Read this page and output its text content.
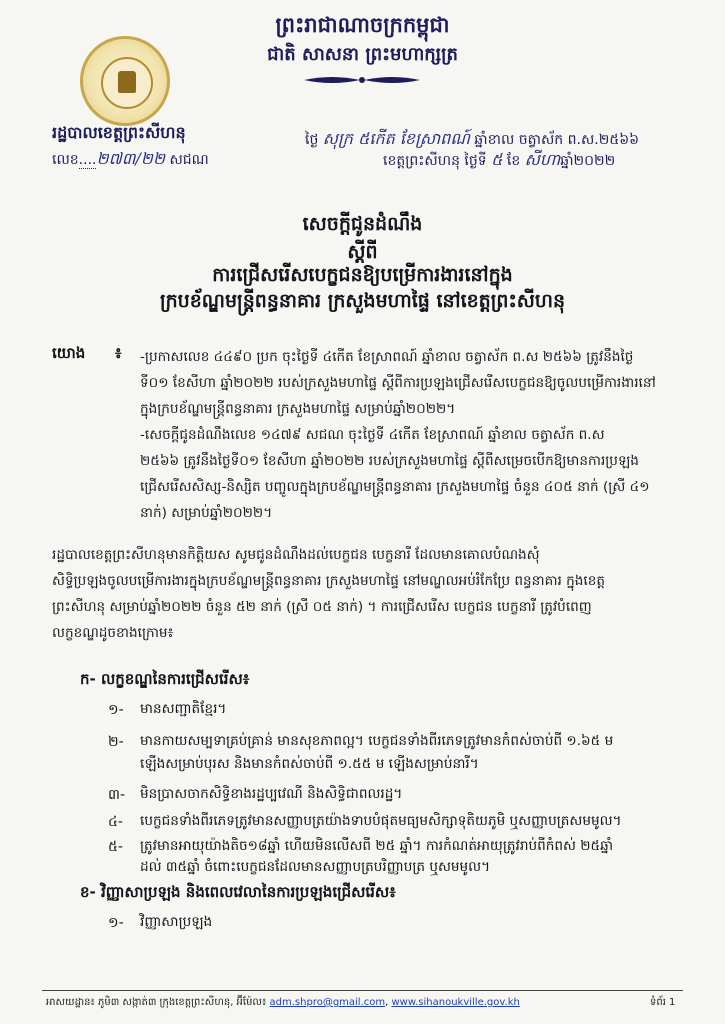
ព្រះរាជាណាចក្រកម្ពុជា
ជាតិ សាសនា ព្រះមហាក្សត្រ
រដ្ឋបាលខេត្តព្រះសីហនុ
លេខ....២៧៣/២២ សជណ
ថ្ងៃ សុក្រ ៥កើត ខែស្រាពណ៍ ឆ្នាំខាល ចត្វាស័ក ព.ស.២៥៦៦
ខេត្តព្រះសីហនុ ថ្ងៃទី ៥ ខែ សីហាឆ្នាំ២០២២
សេចក្តីជូនដំណឹង
ស្តីពី
ការជ្រើសរើសបេក្ខជនឱ្យបម្រើការងារនៅក្នុង
ក្របខ័ណ្ឌមន្ត្រីពន្ធនាគារ ក្រសួងមហាផ្ទៃ នៅខេត្តព្រះសីហនុ
យោង ៖ -ប្រកាសលេខ ៤៤៩០ ប្រក ចុះថ្ងៃទី ៤កើត ខែស្រាពណ៍ ឆ្នាំខាល ចត្វាស័ក ព.ស ២៥៦៦ ត្រូវនឹងថ្ងៃ
ទី០១ ខែសីហា ឆ្នាំ២០២២ របស់ក្រសួងមហាផ្ទៃ ស្តីពីការប្រឡងជ្រើសរើសបេក្ខជនឱ្យចូលបម្រើការងារនៅ
ក្នុងក្របខ័ណ្ឌមន្ត្រីពន្ធនាគារ ក្រសួងមហាផ្ទៃ សម្រាប់ឆ្នាំ២០២២។
-សេចក្តីជូនដំណឹងលេខ ១៤៧៩ សជណ ចុះថ្ងៃទី ៤កើត ខែស្រាពណ៍ ឆ្នាំខាល ចត្វាស័ក ព.ស
២៥៦៦ ត្រូវនឹងថ្ងៃទី០១ ខែសីហា ឆ្នាំ២០២២ របស់ក្រសួងមហាផ្ទៃ ស្តីពីសម្រេចបើកឱ្យមានការប្រឡង
ជ្រើសរើសសិស្ស-និស្សិត បញ្ចូលក្នុងក្របខ័ណ្ឌមន្ត្រីពន្ធនាគារ ក្រសួងមហាផ្ទៃ ចំនួន ៤០៥ នាក់ (ស្រី ៤១
នាក់) សម្រាប់ឆ្នាំ២០២២។
រដ្ឋបាលខេត្តព្រះសីហនុមានកិត្តិយស សូមជូនដំណឹងដល់បេក្ខជន បេក្ខនារី ដែលមានគោលបំណងសុំ
សិទ្ធិប្រឡងចូលបម្រើការងារក្នុងក្របខ័ណ្ឌមន្ត្រីពន្ធនាគារ ក្រសួងមហាផ្ទៃ នៅមណ្ឌលអប់រំកែប្រែ ពន្ធនាគារ ក្នុងខេត្ត
ព្រះសីហនុ សម្រាប់ឆ្នាំ២០២២ ចំនួន ៥២ នាក់ (ស្រី ០៥ នាក់) ។ ការជ្រើសរើស បេក្ខជន បេក្ខនារី ត្រូវបំពេញ
លក្ខខណ្ឌដូចខាងក្រោម៖
ក- លក្ខខណ្ឌនៃការជ្រើសរើស៖
១- មានសញ្ជាតិខ្មែរ។
២- មានកាយសម្បទាគ្រប់គ្រាន់ មានសុខភាពល្អ។ បេក្ខជនទាំងពីរភេទត្រូវមានកំពស់ចាប់ពី ១.៦៥ ម
ឡើងសម្រាប់បុរស និងមានកំពស់ចាប់ពី ១.៥៥ ម ឡើងសម្រាប់នារី។
៣- មិនប្រាសចាកសិទ្ធិខាងរដ្ឋប្បវេណី និងសិទ្ធិជាពលរដ្ឋ។
៤- បេក្ខជនទាំងពីរភេទត្រូវមានសញ្ញាបត្រយ៉ាងទាបបំផុតមធ្យមសិក្សាទុតិយភូមិ ឬសញ្ញាបត្រសមមូល។
៥- ត្រូវមានអាយុយ៉ាងតិច១៨ឆ្នាំ ហើយមិនលើសពី ២៥ ឆ្នាំ។ ការកំណត់អាយុត្រូវរាប់ពីកំពស់ ២៥ឆ្នាំ
ដល់ ៣៥ឆ្នាំ ចំពោះបេក្ខជនដែលមានសញ្ញាបត្របរិញ្ញាបត្រ ឬសមមូល។
ខ- វិញ្ញាសាប្រឡង និងពេលវេលានៃការប្រឡងជ្រើសរើស៖
១- វិញ្ញាសាប្រឡង
អាសយដ្ឋាន៖ ភូមិ៣ សង្កាត់៣ ក្រុងខេត្តព្រះសីហនុ, អ៊ីម៉ែល៖ adm.shpro@gmail.com, www.sihanoukville.gov.kh	ទំព័រ 1
